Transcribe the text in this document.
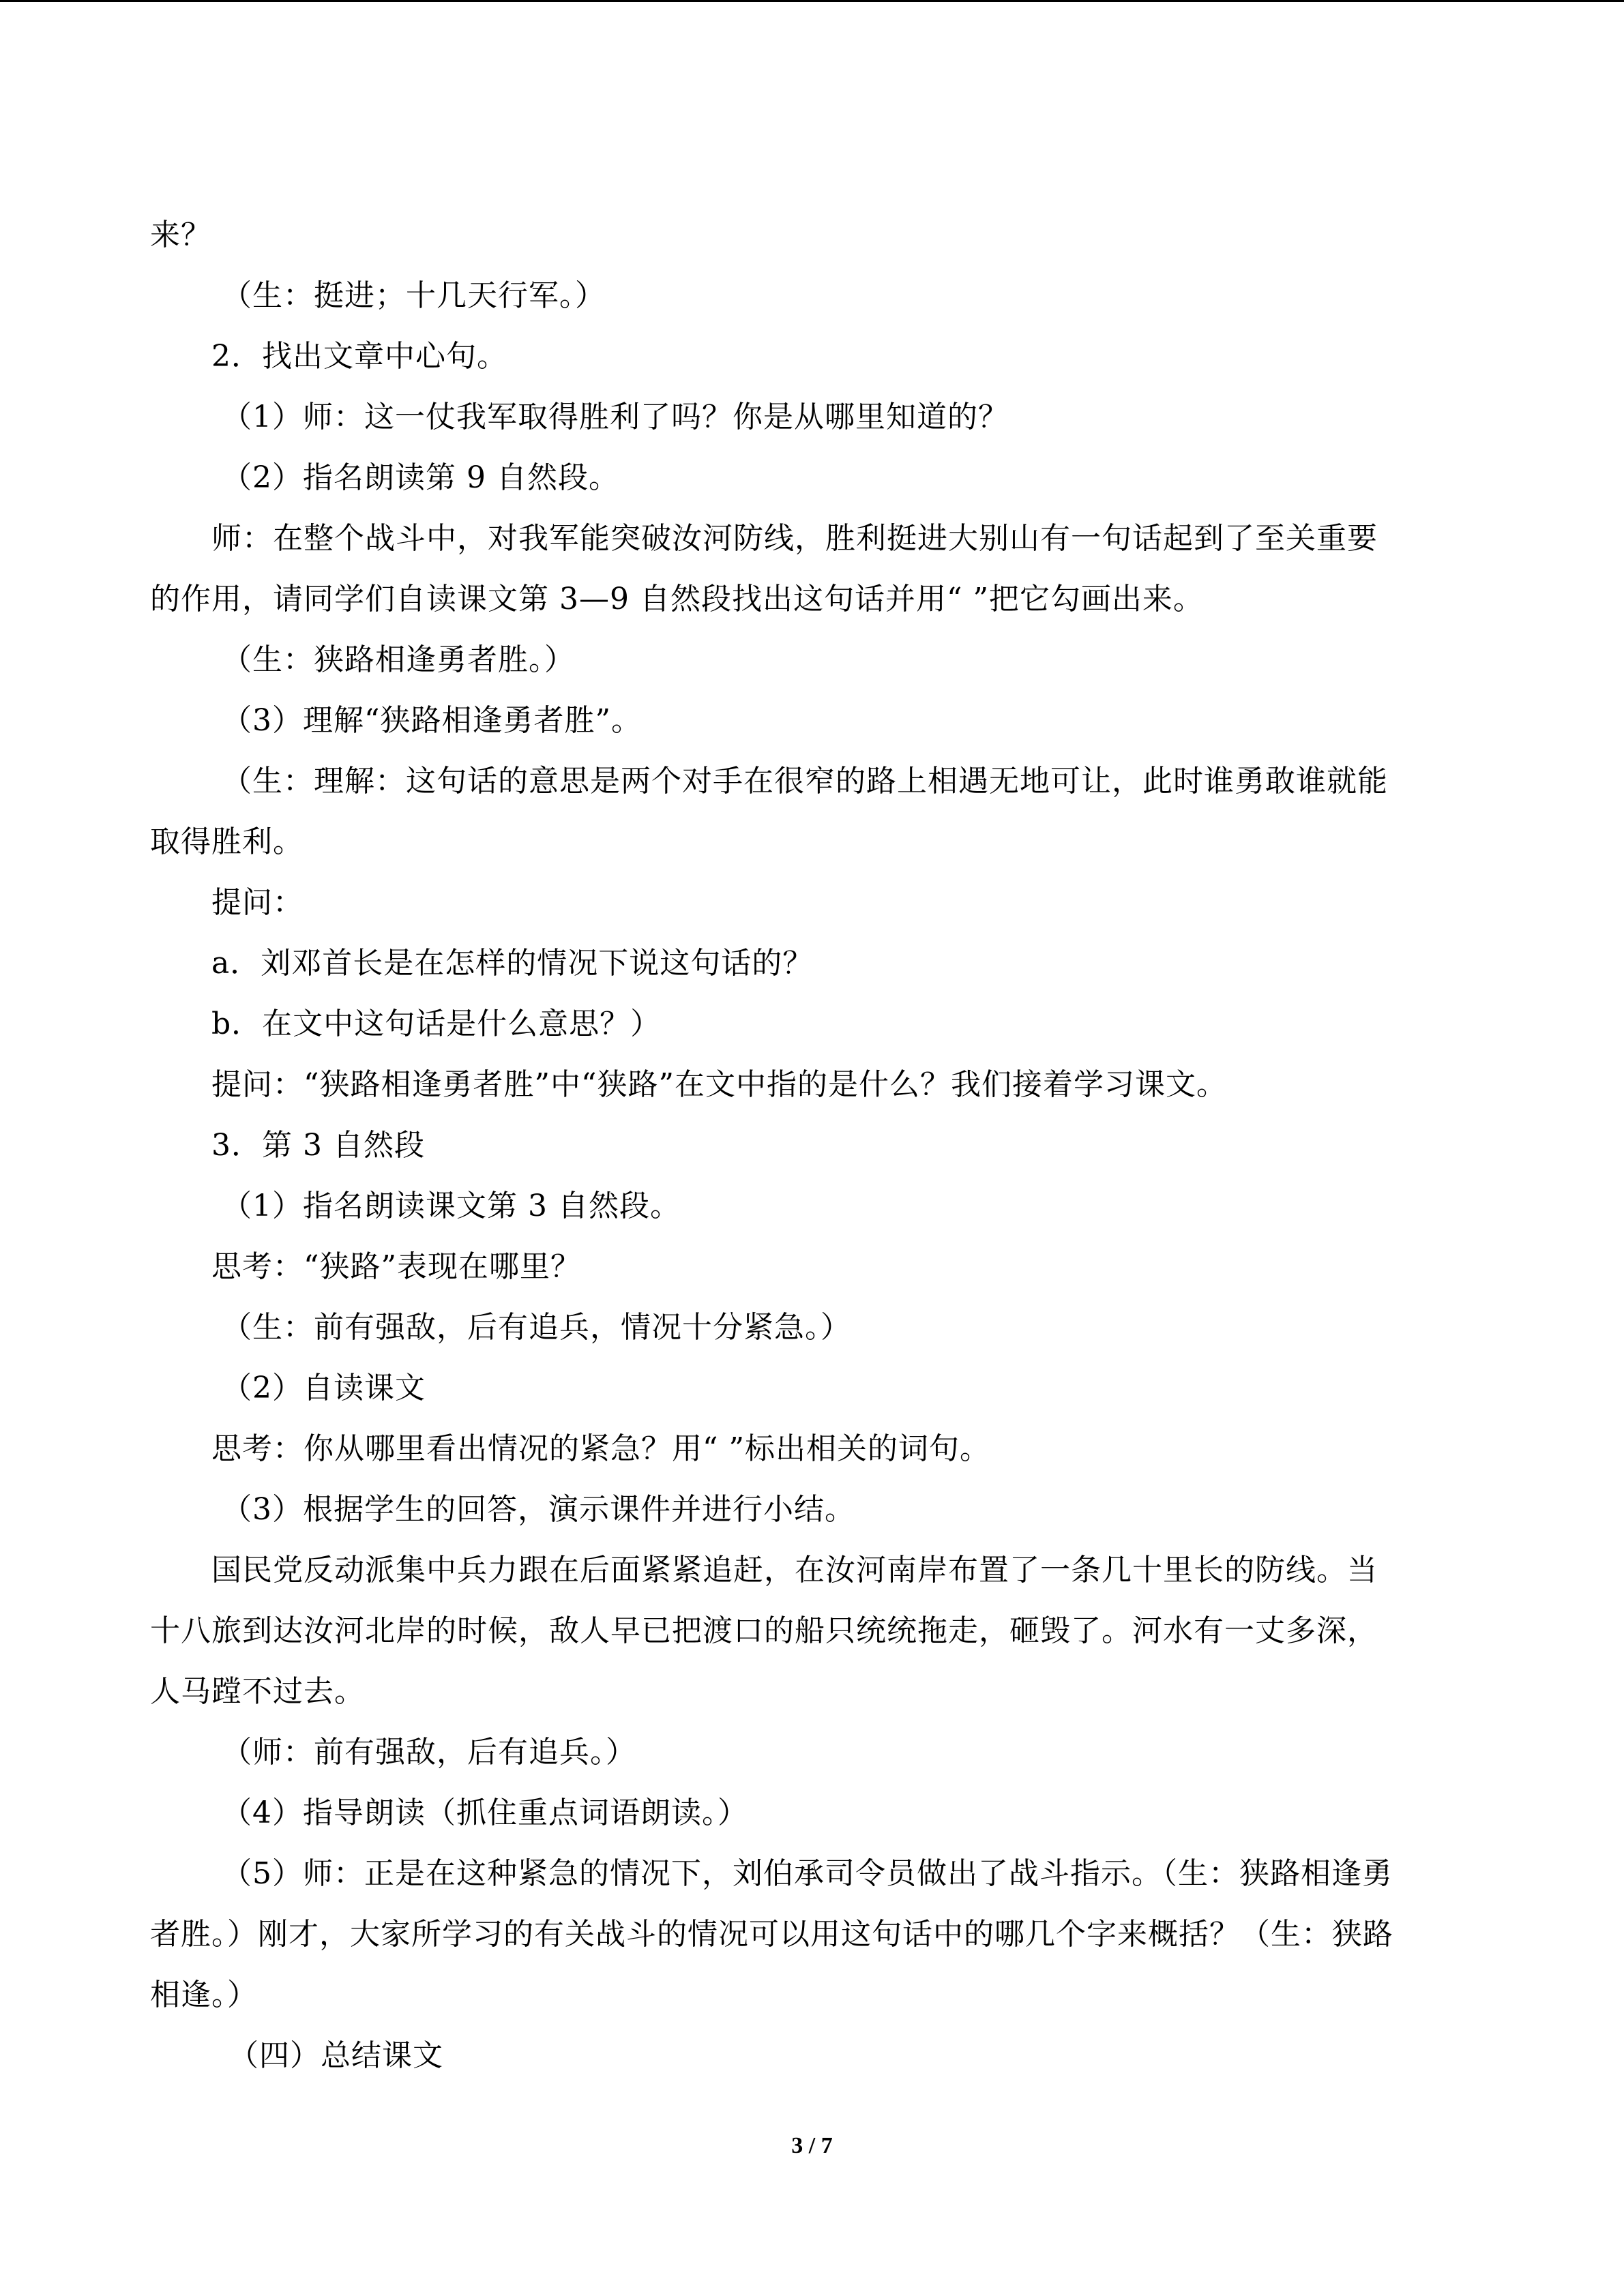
来？
（生：挺进；十几天行军。）
2．找出文章中心句。
（1）师：这一仗我军取得胜利了吗？你是从哪里知道的？
（2）指名朗读第 9 自然段。
师：在整个战斗中，对我军能突破汝河防线，胜利挺进大别山有一句话起到了至关重要
的作用，请同学们自读课文第 3—9 自然段找出这句话并用“ ”把它勾画出来。
（生：狭路相逢勇者胜。）
（3）理解“狭路相逢勇者胜”。
（生：理解：这句话的意思是两个对手在很窄的路上相遇无地可让，此时谁勇敢谁就能
取得胜利。
提问：
a．刘邓首长是在怎样的情况下说这句话的？
b．在文中这句话是什么意思？）
提问：“狭路相逢勇者胜”中“狭路”在文中指的是什么？我们接着学习课文。
3．第 3 自然段
（1）指名朗读课文第 3 自然段。
思考：“狭路”表现在哪里？
（生：前有强敌，后有追兵，情况十分紧急。）
（2）自读课文
思考：你从哪里看出情况的紧急？用“ ”标出相关的词句。
（3）根据学生的回答，演示课件并进行小结。
国民党反动派集中兵力跟在后面紧紧追赶，在汝河南岸布置了一条几十里长的防线。当
十八旅到达汝河北岸的时候，敌人早已把渡口的船只统统拖走，砸毁了。河水有一丈多深，
人马蹚不过去。
（师：前有强敌，后有追兵。）
（4）指导朗读（抓住重点词语朗读。）
（5）师：正是在这种紧急的情况下，刘伯承司令员做出了战斗指示。（生：狭路相逢勇
者胜。）刚才，大家所学习的有关战斗的情况可以用这句话中的哪几个字来概括？（生：狭路
相逢。）
（四）总结课文
3 / 7
